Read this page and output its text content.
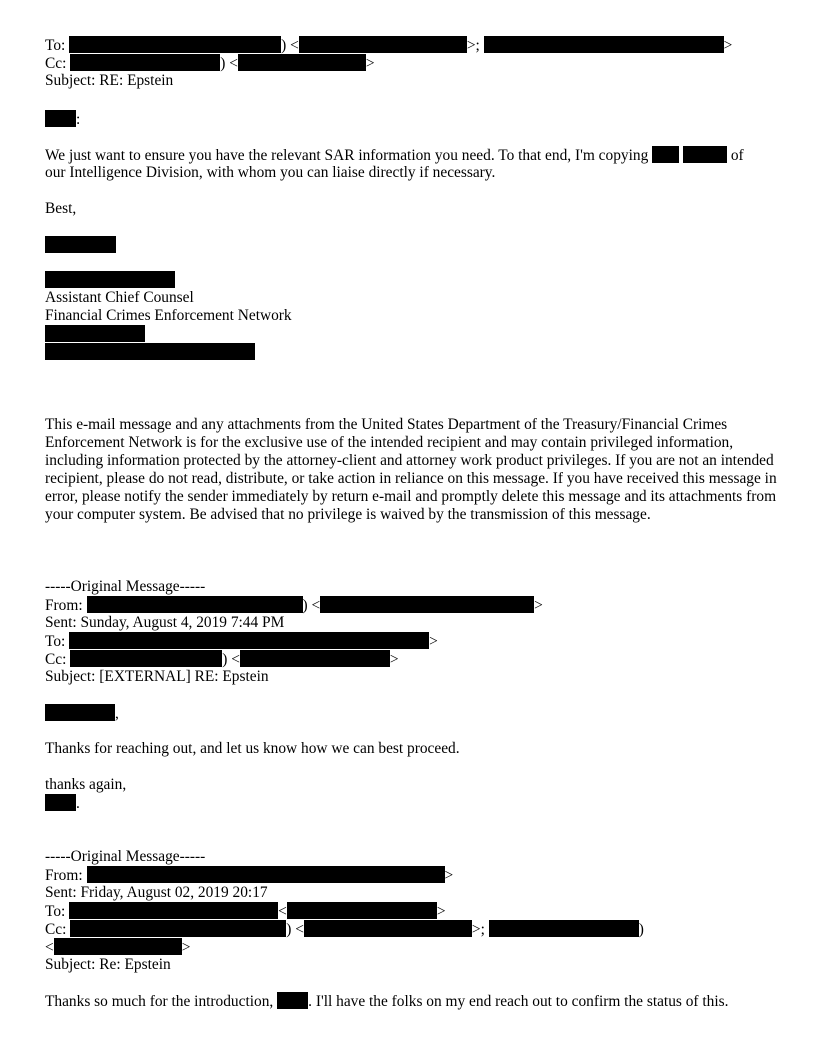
To:	) <	>;	>
Cc:	) <	>
Subject: RE: Epstein
:
We just want to ensure you have the relevant SAR information you need. To that end, I'm copying	of
our Intelligence Division, with whom you can liaise directly if necessary.
Best,
Assistant Chief Counsel
Financial Crimes Enforcement Network
This e-mail message and any attachments from the United States Department of the Treasury/Financial Crimes Enforcement Network is for the exclusive use of the intended recipient and may contain privileged information, including information protected by the attorney-client and attorney work product privileges. If you are not an intended recipient, please do not read, distribute, or take action in reliance on this message. If you have received this message in error, please notify the sender immediately by return e-mail and promptly delete this message and its attachments from your computer system. Be advised that no privilege is waived by the transmission of this message.
-----Original Message-----
From:	) <	>
Sent: Sunday, August 4, 2019 7:44 PM
To:	>
Cc:	) <	>
Subject: [EXTERNAL] RE: Epstein
,
Thanks for reaching out, and let us know how we can best proceed.
thanks again,
.
-----Original Message-----
From:	>
Sent: Friday, August 02, 2019 20:17
To:	<	>
Cc:	) <	>;	)
<	>
Subject: Re: Epstein
Thanks so much for the introduction, . I'll have the folks on my end reach out to confirm the status of this.
